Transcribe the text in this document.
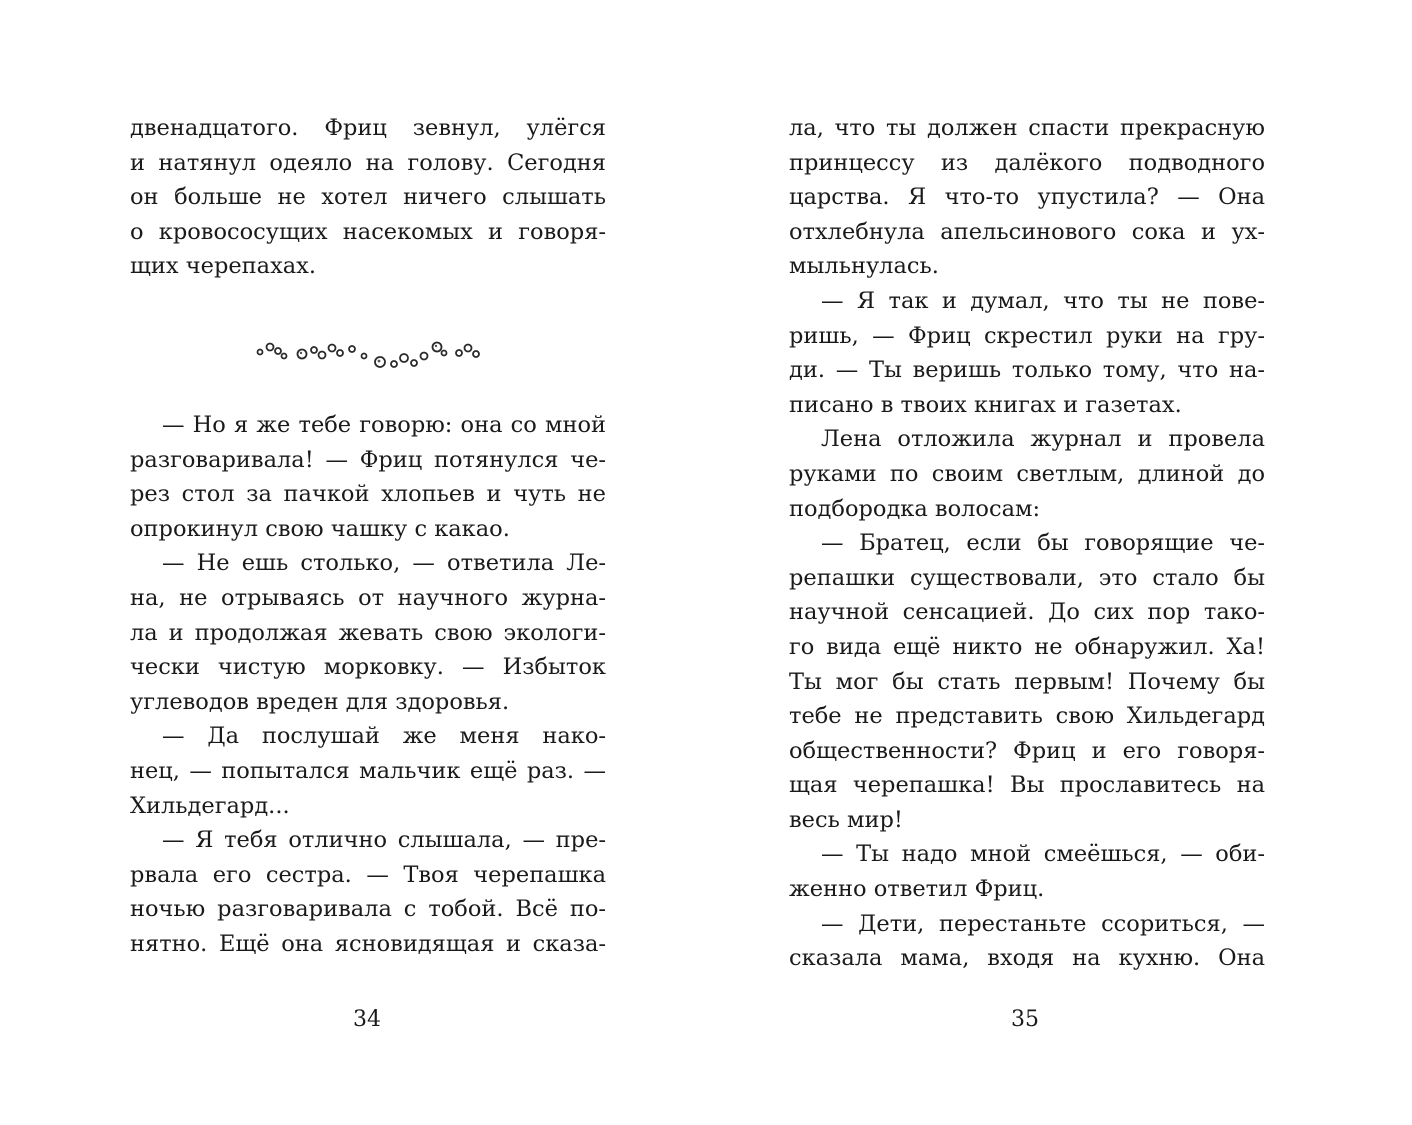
двенадцатого. Фриц зевнул, улёгся
и натянул одеяло на голову. Сегодня
он больше не хотел ничего слышать
о кровососущих насекомых и говоря-
щих черепахах.
— Но я же тебе говорю: она со мной
разговаривала! — Фриц потянулся че-
рез стол за пачкой хлопьев и чуть не
опрокинул свою чашку с какао.
— Не ешь столько, — ответила Ле-
на, не отрываясь от научного журна-
ла и продолжая жевать свою экологи-
чески чистую морковку. — Избыток
углеводов вреден для здоровья.
— Да послушай же меня нако-
нец, — попытался мальчик ещё раз. —
Хильдегард...
— Я тебя отлично слышала, — пре-
рвала его сестра. — Твоя черепашка
ночью разговаривала с тобой. Всё по-
нятно. Ещё она ясновидящая и сказа-
34
ла, что ты должен спасти прекрасную
принцессу из далёкого подводного
царства. Я что-то упустила? — Она
отхлебнула апельсинового сока и ух-
мыльнулась.
— Я так и думал, что ты не пове-
ришь, — Фриц скрестил руки на гру-
ди. — Ты веришь только тому, что на-
писано в твоих книгах и газетах.
Лена отложила журнал и провела
руками по своим светлым, длиной до
подбородка волосам:
— Братец, если бы говорящие че-
репашки существовали, это стало бы
научной сенсацией. До сих пор тако-
го вида ещё никто не обнаружил. Ха!
Ты мог бы стать первым! Почему бы
тебе не представить свою Хильдегард
общественности? Фриц и его говоря-
щая черепашка! Вы прославитесь на
весь мир!
— Ты надо мной смеёшься, — оби-
женно ответил Фриц.
— Дети, перестаньте ссориться, —
сказала мама, входя на кухню. Она
35
